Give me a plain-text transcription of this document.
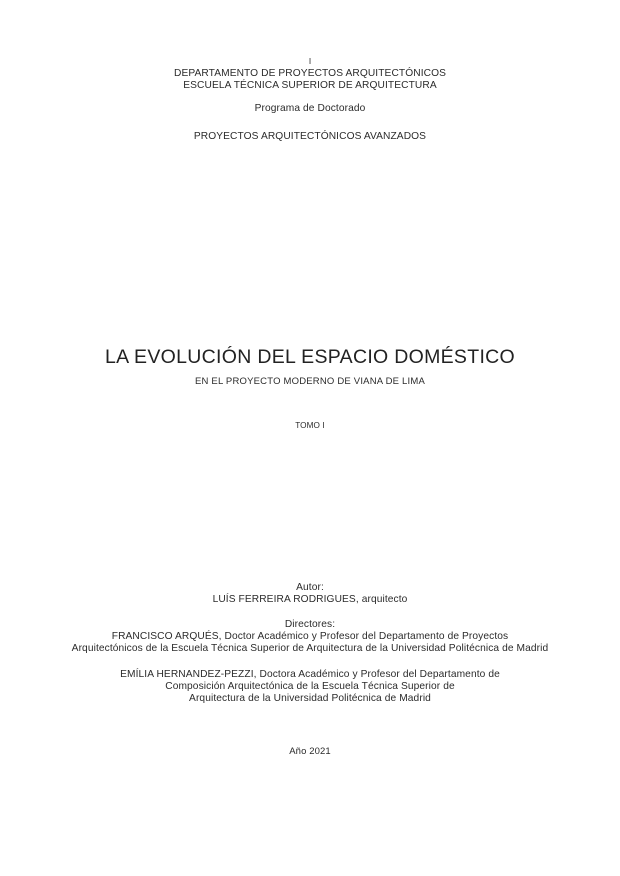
I
DEPARTAMENTO DE PROYECTOS ARQUITECTÓNICOS
ESCUELA TÉCNICA SUPERIOR DE ARQUITECTURA
Programa de Doctorado
PROYECTOS ARQUITECTÓNICOS AVANZADOS
LA EVOLUCIÓN DEL ESPACIO DOMÉSTICO
EN EL PROYECTO MODERNO DE VIANA DE LIMA
TOMO I
Autor:
LUÍS FERREIRA RODRIGUES, arquitecto
Directores:
FRANCISCO ARQUÉS, Doctor Académico y Profesor del Departamento de Proyectos
Arquitectónicos de la Escuela Técnica Superior de Arquitectura de la Universidad Politécnica de Madrid
EMÍLIA HERNANDEZ-PEZZI, Doctora Académico y Profesor del Departamento de
Composición Arquitectónica de la Escuela Técnica Superior de
Arquitectura de la Universidad Politécnica de Madrid
Año 2021
